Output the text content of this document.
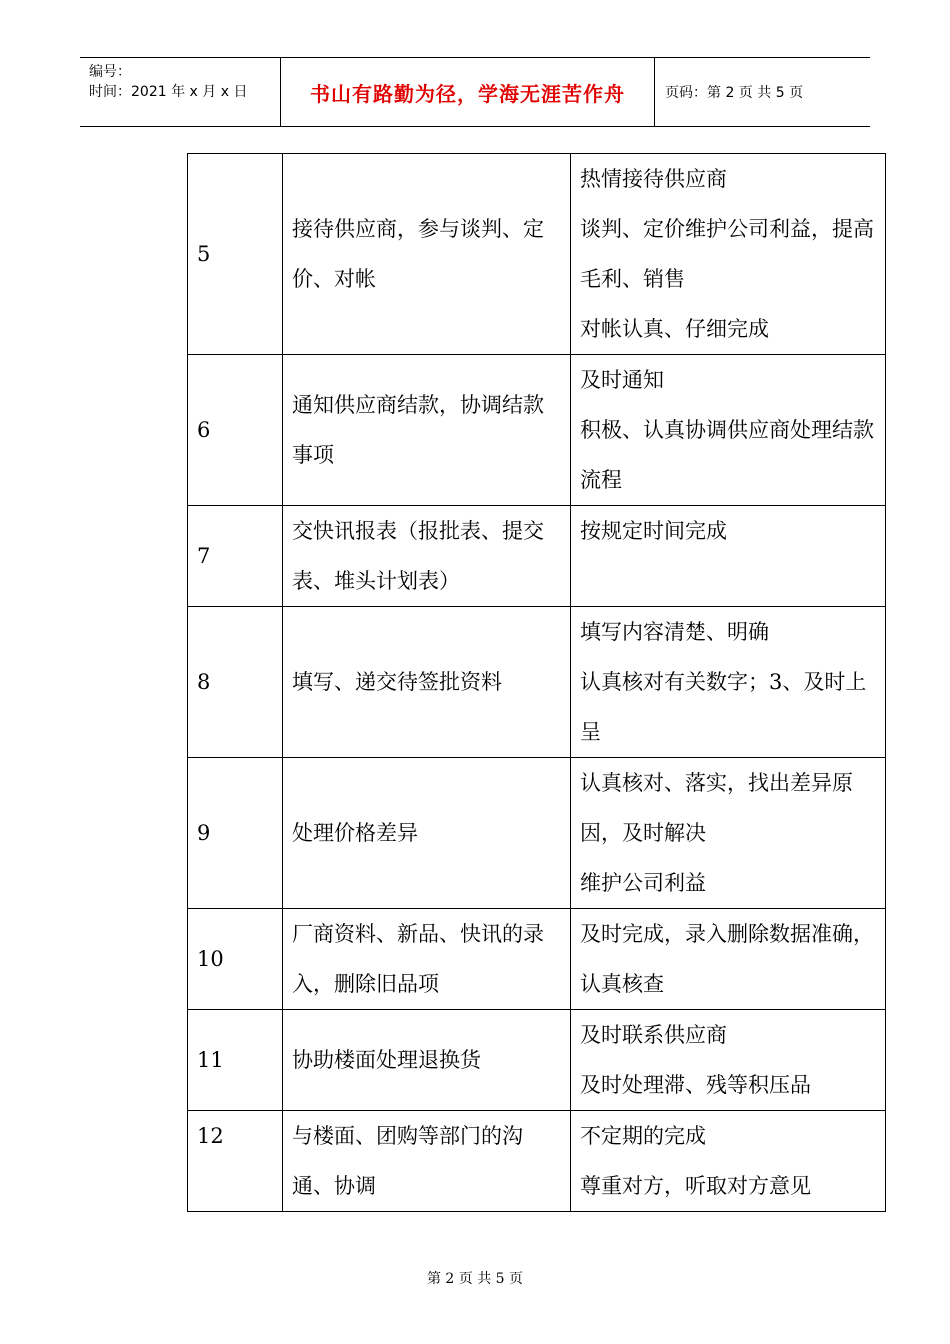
编号：
时间：2021 年 x 月 x 日	书山有路勤为径，学海无涯苦作舟	页码：第 2 页 共 5 页
5	接待供应商，参与谈判、定价、对帐	热情接待供应商
谈判、定价维护公司利益，提高毛利、销售
对帐认真、仔细完成

6	通知供应商结款，协调结款事项	及时通知
积极、认真协调供应商处理结款流程

7	交快讯报表（报批表、提交表、堆头计划表）	按规定时间完成

8	填写、递交待签批资料	填写内容清楚、明确
认真核对有关数字；3、及时上呈

9	处理价格差异	认真核对、落实，找出差异原因，及时解决
维护公司利益

10	厂商资料、新品、快讯的录入，删除旧品项	及时完成，录入删除数据准确，认真核查

11	协助楼面处理退换货	及时联系供应商
及时处理滞、残等积压品

12	与楼面、团购等部门的沟通、协调	不定期的完成
尊重对方，听取对方意见
第 2 页 共 5 页
